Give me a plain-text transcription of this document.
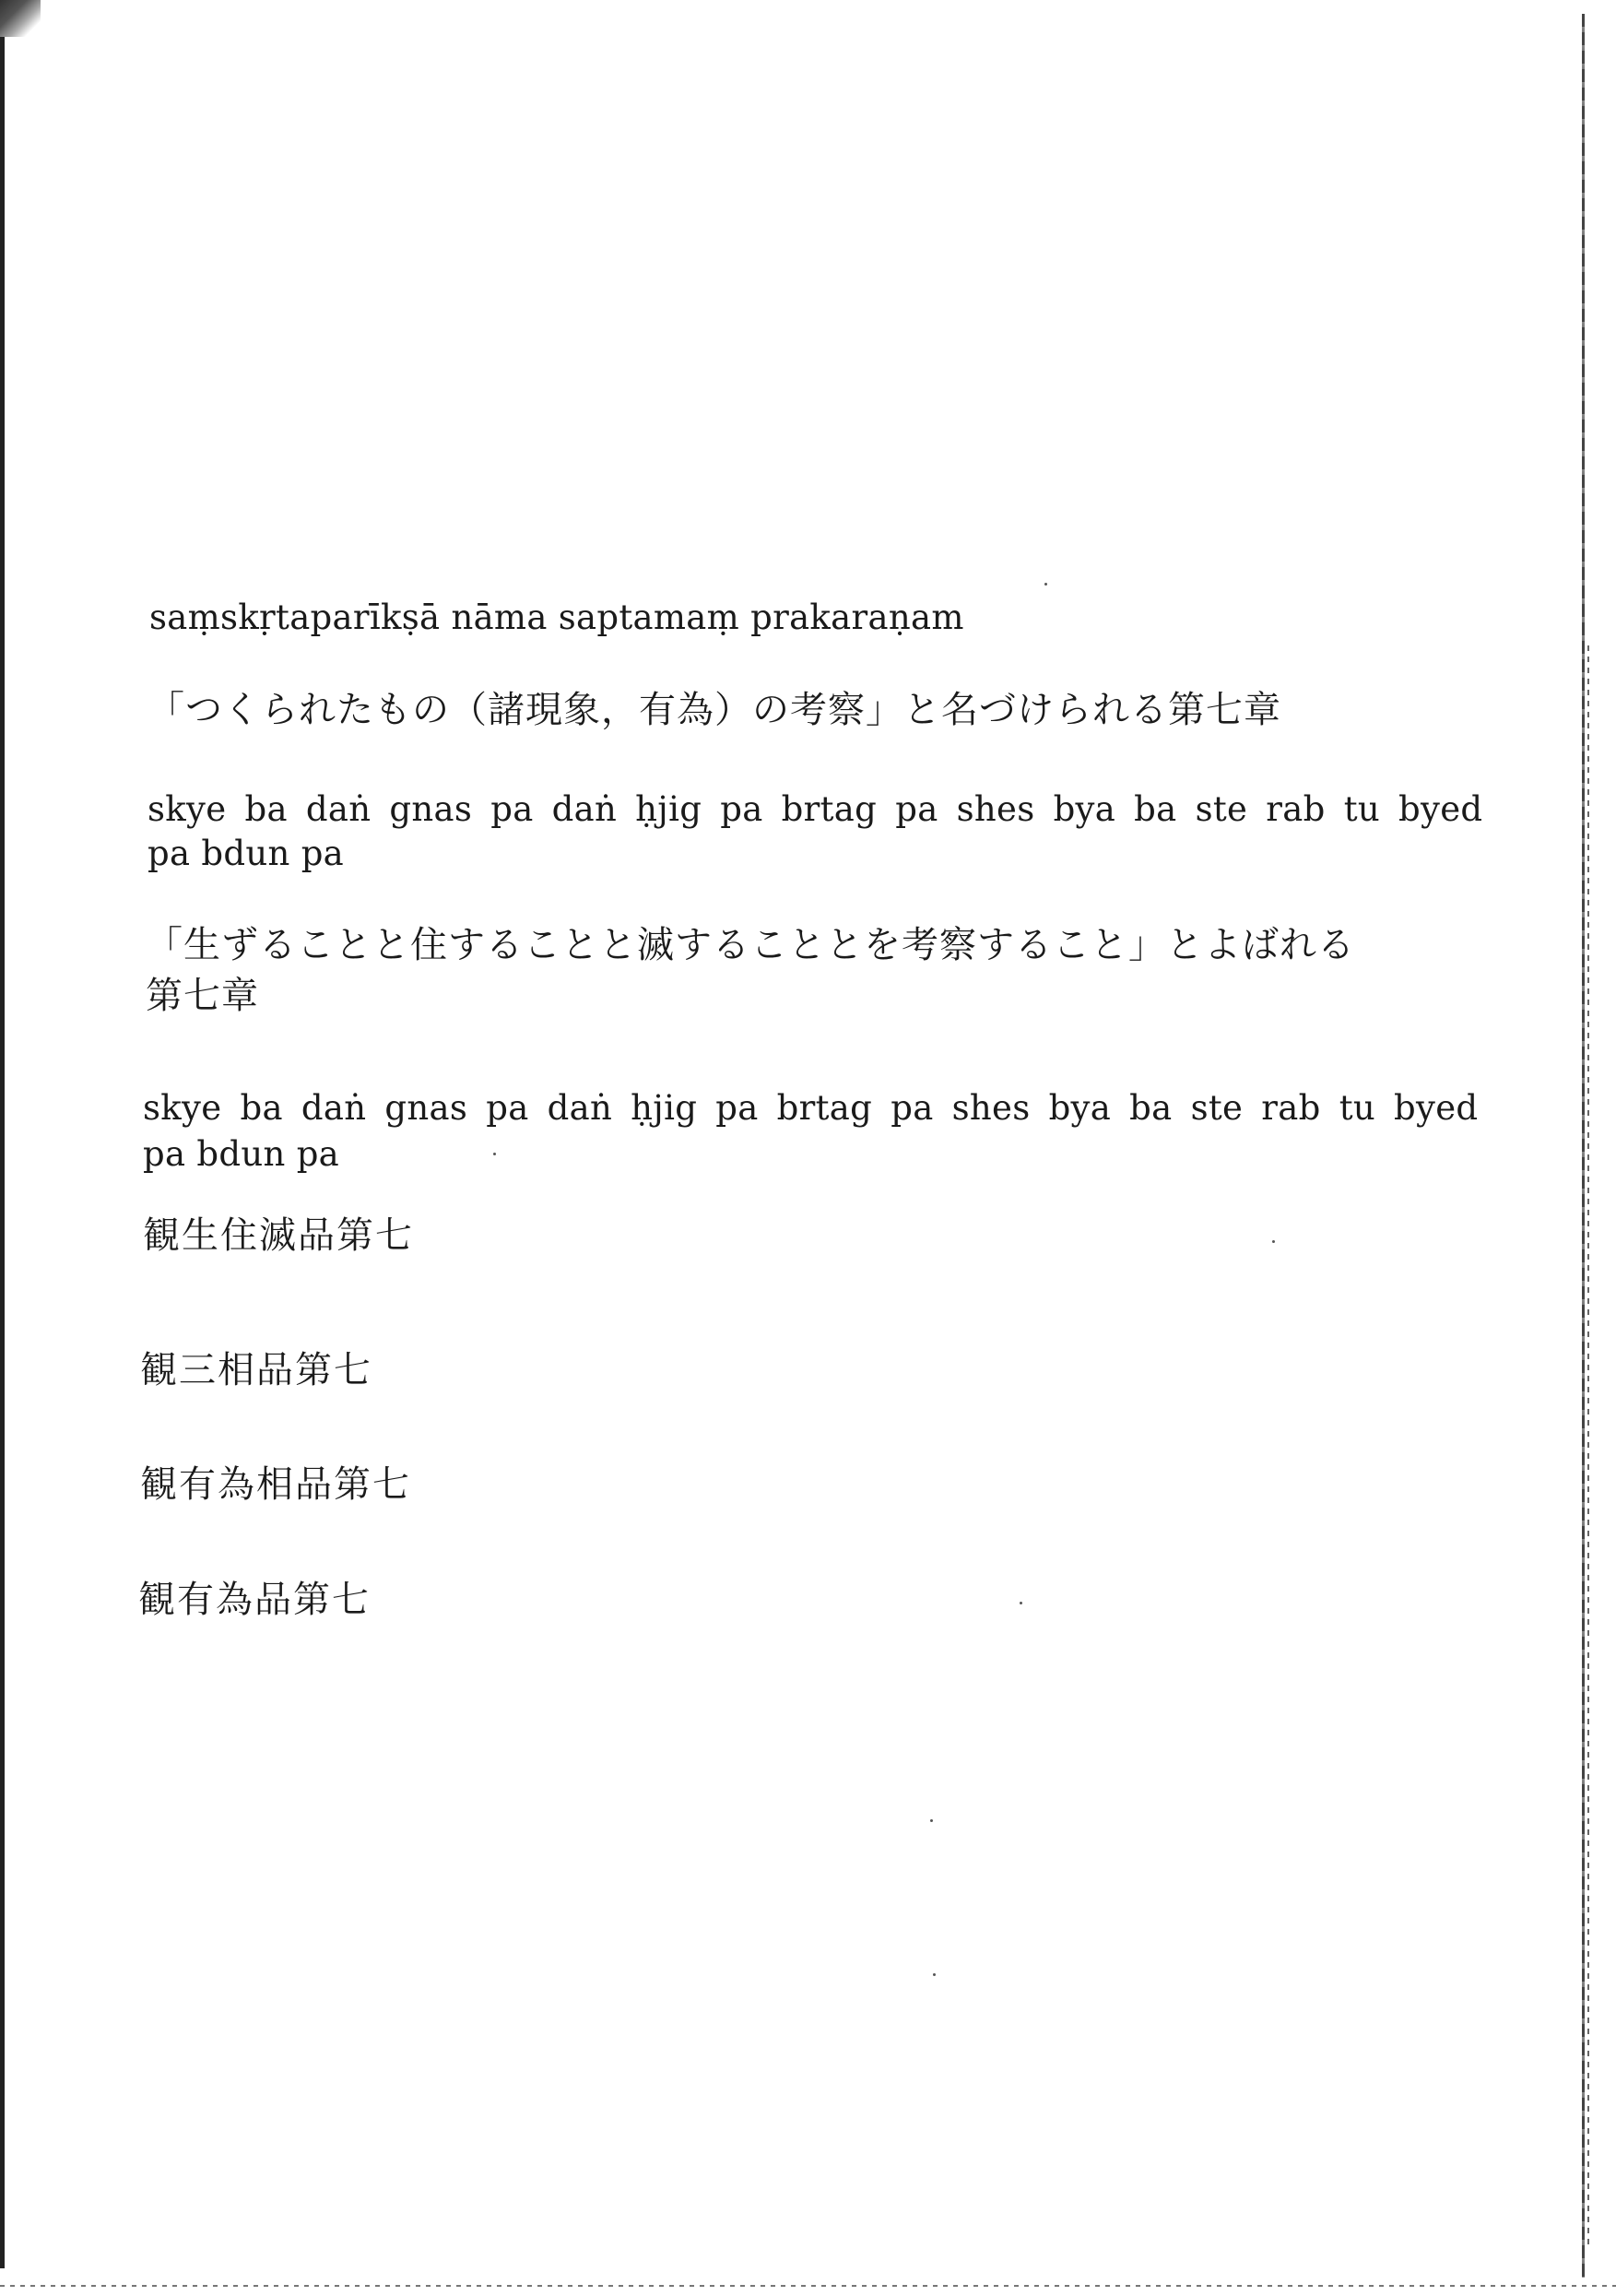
saṃskṛtaparīkṣā nāma saptamaṃ prakaraṇam
「つくられたもの（諸現象，有為）の考察」と名づけられる第七章
skye ba daṅ gnas pa daṅ ḥjig pa brtag pa shes bya ba ste rab tu byed
pa bdun pa
「生ずることと住することと滅することとを考察すること」とよばれる
第七章
skye ba daṅ gnas pa daṅ ḥjig pa brtag pa shes bya ba ste rab tu byed
pa bdun pa
観生住滅品第七
観三相品第七
観有為相品第七
観有為品第七
